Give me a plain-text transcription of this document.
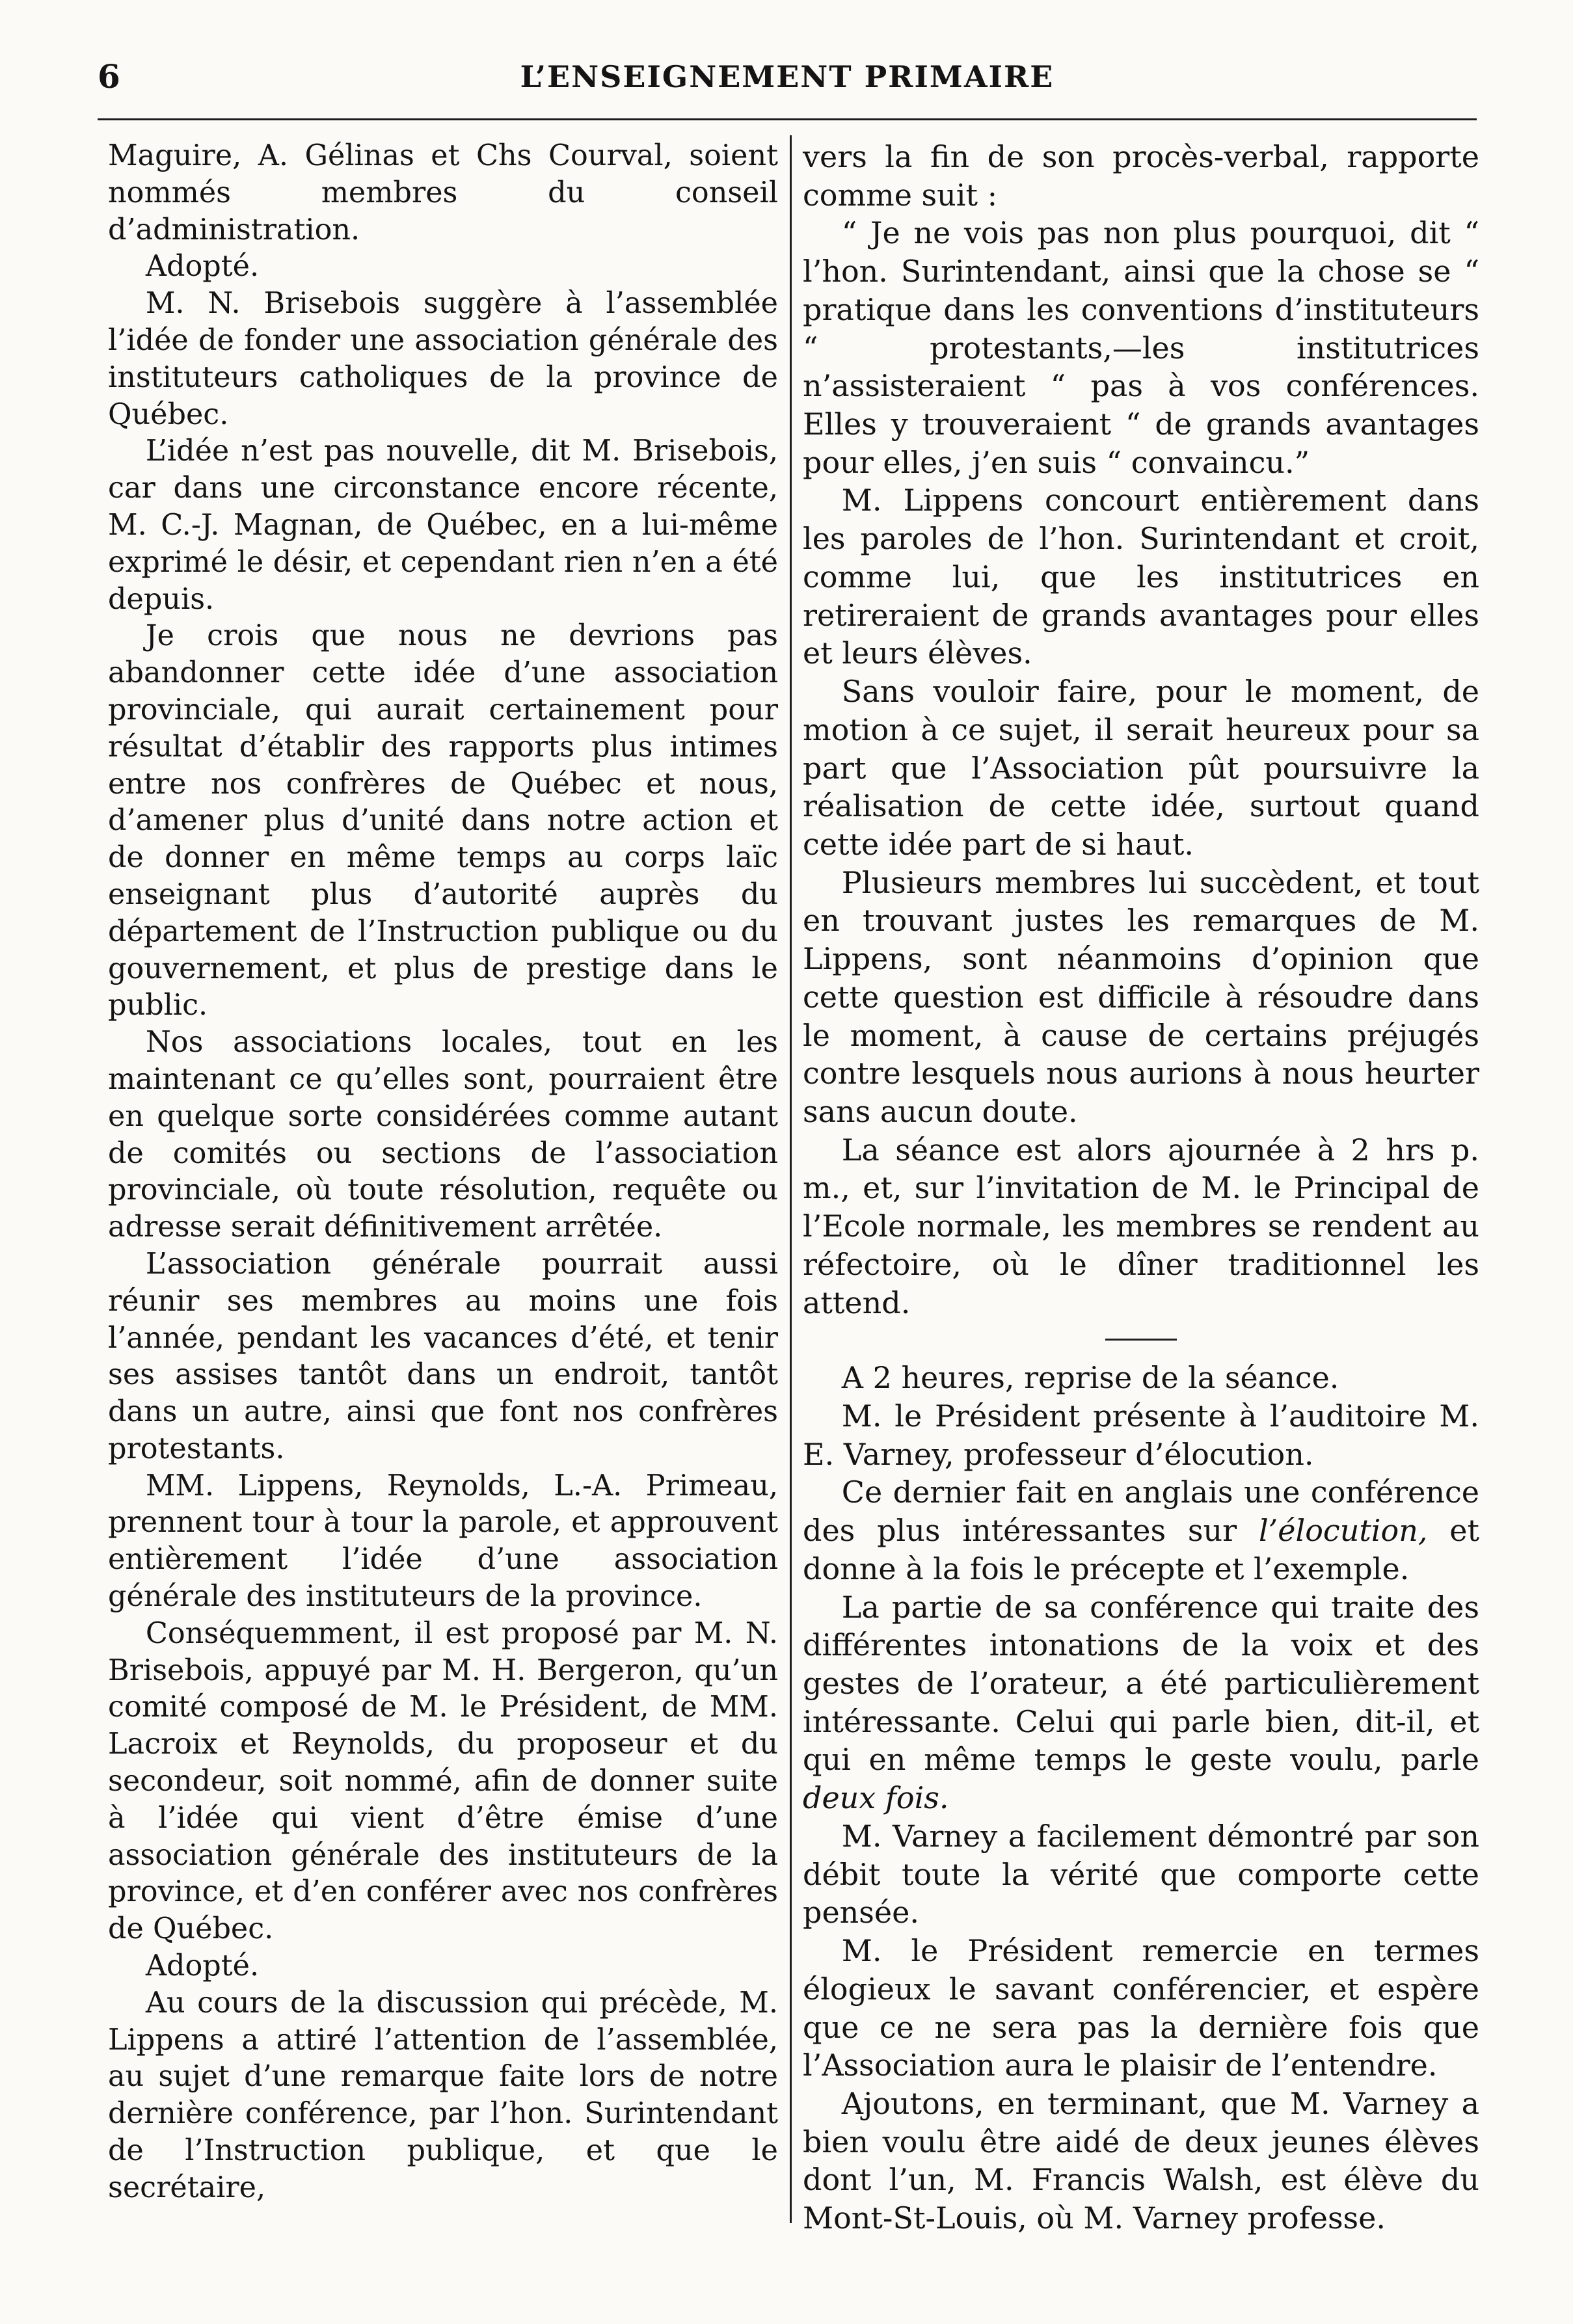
6	L’ENSEIGNEMENT PRIMAIRE

Maguire, A. Gélinas et Chs Courval, soient nommés membres du conseil d’administration.

Adopté.

M. N. Brisebois suggère à l’assemblée l’idée de fonder une association générale des instituteurs catholiques de la province de Québec.

L’idée n’est pas nouvelle, dit M. Brisebois, car dans une circonstance encore récente, M. C.-J. Magnan, de Québec, en a lui-même exprimé le désir, et cependant rien n’en a été depuis.

Je crois que nous ne devrions pas abandonner cette idée d’une association provinciale, qui aurait certainement pour résultat d’établir des rapports plus intimes entre nos confrères de Québec et nous, d’amener plus d’unité dans notre action et de donner en même temps au corps laïc enseignant plus d’autorité auprès du département de l’Instruction publique ou du gouvernement, et plus de prestige dans le public.

Nos associations locales, tout en les maintenant ce qu’elles sont, pourraient être en quelque sorte considérées comme autant de comités ou sections de l’association provinciale, où toute résolution, requête ou adresse serait définitivement arrêtée.

L’association générale pourrait aussi réunir ses membres au moins une fois l’année, pendant les vacances d’été, et tenir ses assises tantôt dans un endroit, tantôt dans un autre, ainsi que font nos confrères protestants.

MM. Lippens, Reynolds, L.-A. Primeau, prennent tour à tour la parole, et approuvent entièrement l’idée d’une association générale des instituteurs de la province.

Conséquemment, il est proposé par M. N. Brisebois, appuyé par M. H. Bergeron, qu’un comité composé de M. le Président, de MM. Lacroix et Reynolds, du proposeur et du secondeur, soit nommé, afin de donner suite à l’idée qui vient d’être émise d’une association générale des instituteurs de la province, et d’en conférer avec nos confrères de Québec.

Adopté.

Au cours de la discussion qui précède, M. Lippens a attiré l’attention de l’assemblée, au sujet d’une remarque faite lors de notre dernière conférence, par l’hon. Surintendant de l’Instruction publique, et que le secrétaire,

vers la fin de son procès-verbal, rapporte comme suit :

“ Je ne vois pas non plus pourquoi, dit “ l’hon. Surintendant, ainsi que la chose se “ pratique dans les conventions d’instituteurs “ protestants,—les institutrices n’assisteraient “ pas à vos conférences. Elles y trouveraient “ de grands avantages pour elles, j’en suis “ convaincu.”

M. Lippens concourt entièrement dans les paroles de l’hon. Surintendant et croit, comme lui, que les institutrices en retireraient de grands avantages pour elles et leurs élèves.

Sans vouloir faire, pour le moment, de motion à ce sujet, il serait heureux pour sa part que l’Association pût poursuivre la réalisation de cette idée, surtout quand cette idée part de si haut.

Plusieurs membres lui succèdent, et tout en trouvant justes les remarques de M. Lippens, sont néanmoins d’opinion que cette question est difficile à résoudre dans le moment, à cause de certains préjugés contre lesquels nous aurions à nous heurter sans aucun doute.

La séance est alors ajournée à 2 hrs p. m., et, sur l’invitation de M. le Principal de l’Ecole normale, les membres se rendent au réfectoire, où le dîner traditionnel les attend.

A 2 heures, reprise de la séance.

M. le Président présente à l’auditoire M. E. Varney, professeur d’élocution.

Ce dernier fait en anglais une conférence des plus intéressantes sur l’élocution, et donne à la fois le précepte et l’exemple.

La partie de sa conférence qui traite des différentes intonations de la voix et des gestes de l’orateur, a été particulièrement intéressante. Celui qui parle bien, dit-il, et qui en même temps le geste voulu, parle deux fois.

M. Varney a facilement démontré par son débit toute la vérité que comporte cette pensée.

M. le Président remercie en termes élogieux le savant conférencier, et espère que ce ne sera pas la dernière fois que l’Association aura le plaisir de l’entendre.

Ajoutons, en terminant, que M. Varney a bien voulu être aidé de deux jeunes élèves dont l’un, M. Francis Walsh, est élève du Mont-St-Louis, où M. Varney professe.
